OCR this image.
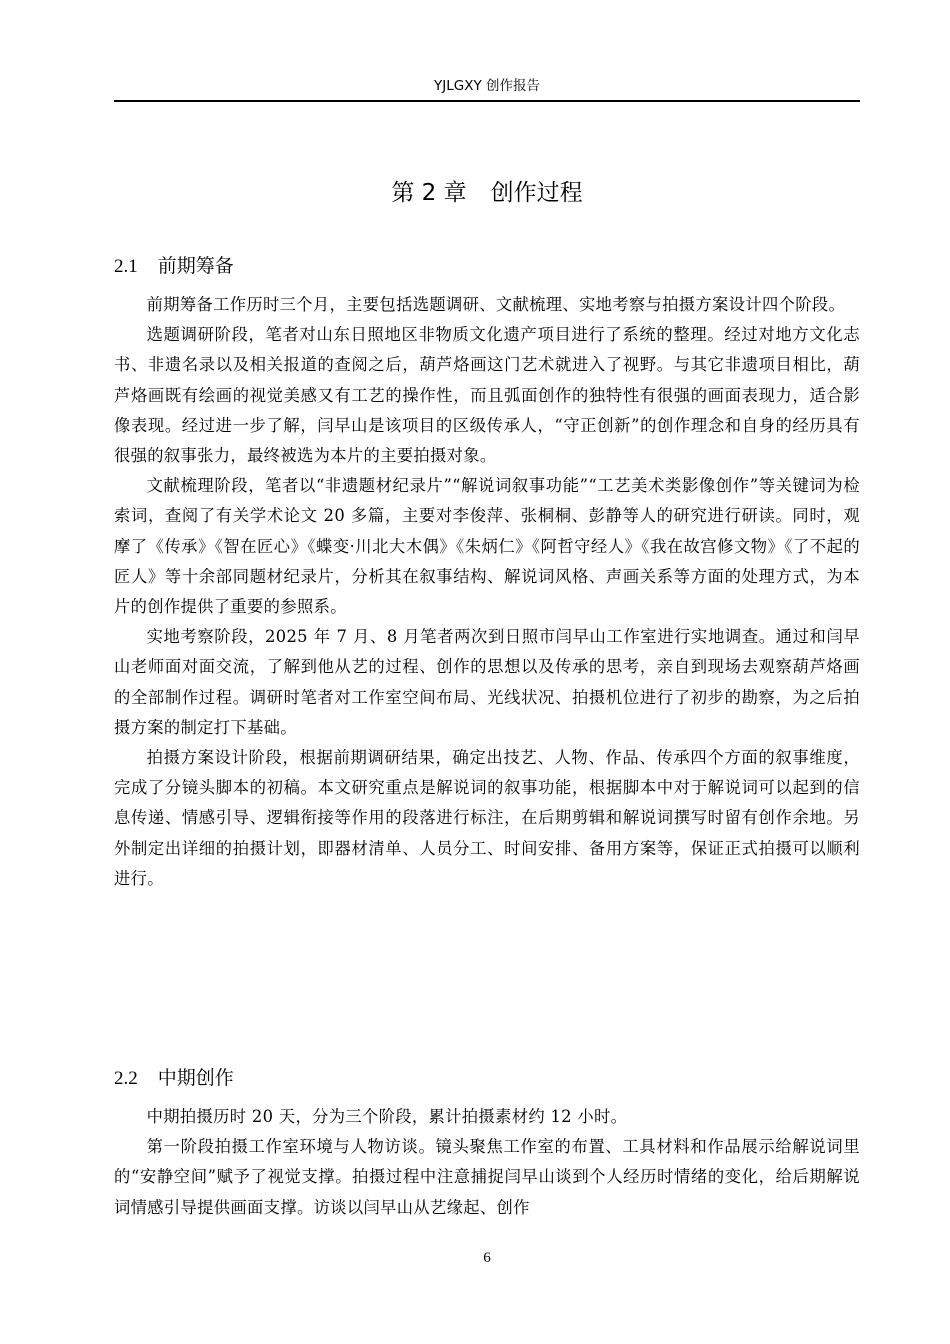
YJLGXY 创作报告
第 2 章 创作过程
2.1 前期筹备

前期筹备工作历时三个月，主要包括选题调研、文献梳理、实地考察与拍摄方案设计四个阶段。

选题调研阶段，笔者对山东日照地区非物质文化遗产项目进行了系统的整理。经过对地方文化志书、非遗名录以及相关报道的查阅之后，葫芦烙画这门艺术就进入了视野。与其它非遗项目相比，葫芦烙画既有绘画的视觉美感又有工艺的操作性，而且弧面创作的独特性有很强的画面表现力，适合影像表现。经过进一步了解，闫早山是该项目的区级传承人，“守正创新”的创作理念和自身的经历具有很强的叙事张力，最终被选为本片的主要拍摄对象。

文献梳理阶段，笔者以“非遗题材纪录片”“解说词叙事功能”“工艺美术类影像创作”等关键词为检索词，查阅了有关学术论文 20 多篇，主要对李俊萍、张桐桐、彭静等人的研究进行研读。同时，观摩了《传承》《智在匠心》《蝶变·川北大木偶》《朱炳仁》《阿哲守经人》《我在故宫修文物》《了不起的匠人》等十余部同题材纪录片，分析其在叙事结构、解说词风格、声画关系等方面的处理方式，为本片的创作提供了重要的参照系。

实地考察阶段，2025 年 7 月、8 月笔者两次到日照市闫早山工作室进行实地调查。通过和闫早山老师面对面交流，了解到他从艺的过程、创作的思想以及传承的思考，亲自到现场去观察葫芦烙画的全部制作过程。调研时笔者对工作室空间布局、光线状况、拍摄机位进行了初步的勘察，为之后拍摄方案的制定打下基础。

拍摄方案设计阶段，根据前期调研结果，确定出技艺、人物、作品、传承四个方面的叙事维度，完成了分镜头脚本的初稿。本文研究重点是解说词的叙事功能，根据脚本中对于解说词可以起到的信息传递、情感引导、逻辑衔接等作用的段落进行标注，在后期剪辑和解说词撰写时留有创作余地。另外制定出详细的拍摄计划，即器材清单、人员分工、时间安排、备用方案等，保证正式拍摄可以顺利进行。

2.2 中期创作

中期拍摄历时 20 天，分为三个阶段，累计拍摄素材约 12 小时。

第一阶段拍摄工作室环境与人物访谈。镜头聚焦工作室的布置、工具材料和作品展示给解说词里的“安静空间”赋予了视觉支撑。拍摄过程中注意捕捉闫早山谈到个人经历时情绪的变化，给后期解说词情感引导提供画面支撑。访谈以闫早山从艺缘起、创作

6
